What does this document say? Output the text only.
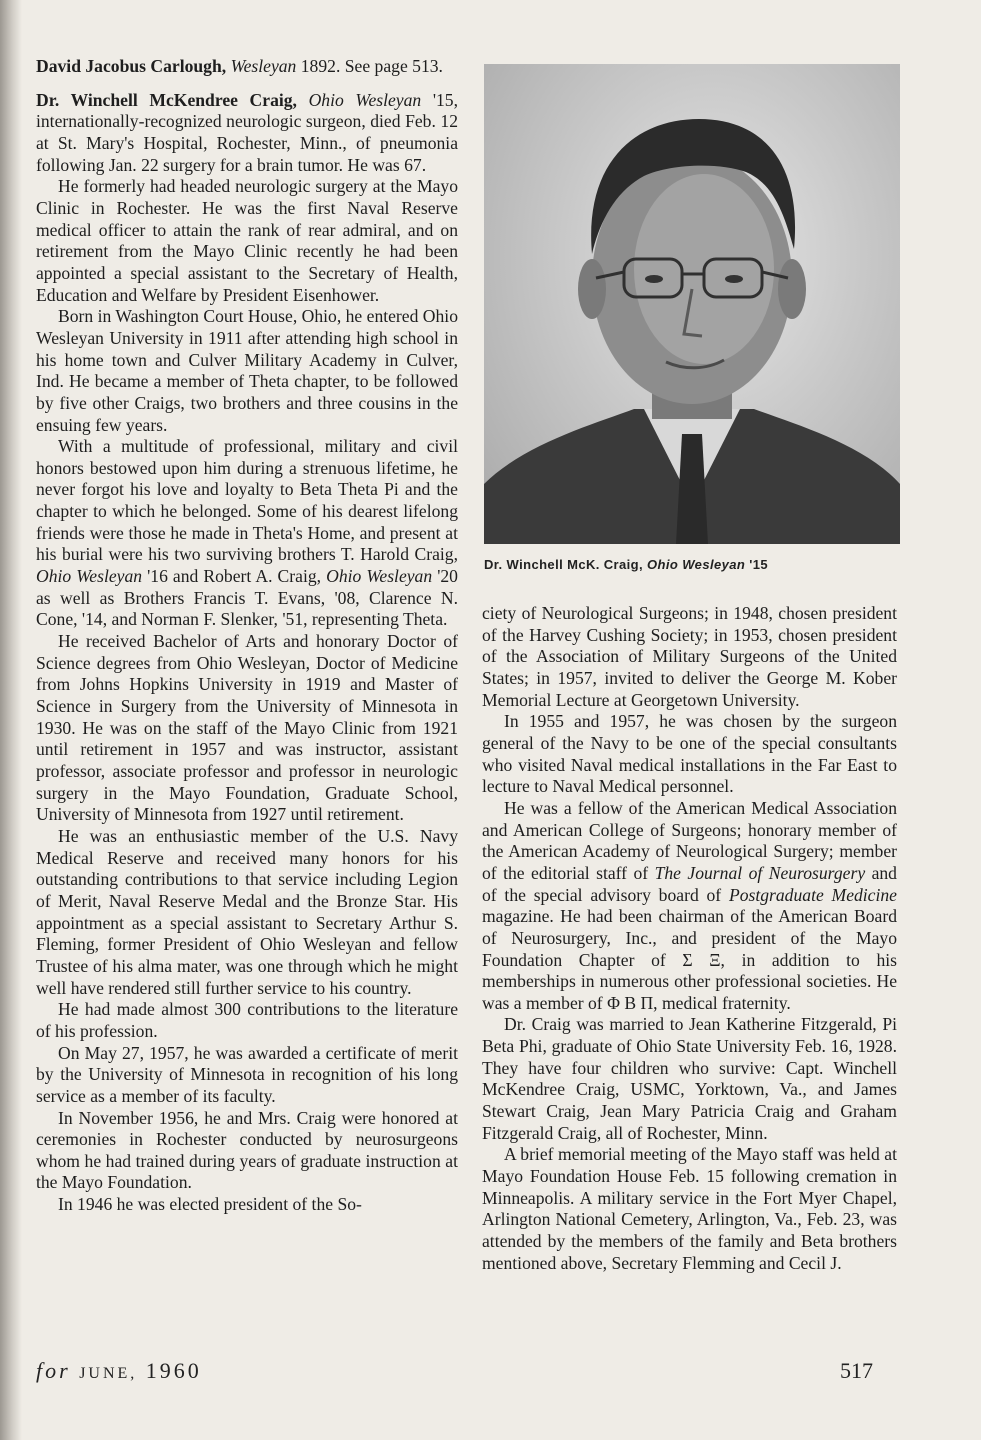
David Jacobus Carlough, Wesleyan 1892. See page 513.

Dr. Winchell McKendree Craig, Ohio Wesleyan '15, internationally-recognized neurologic surgeon, died Feb. 12 at St. Mary's Hospital, Rochester, Minn., of pneumonia following Jan. 22 surgery for a brain tumor. He was 67.

He formerly had headed neurologic surgery at the Mayo Clinic in Rochester. He was the first Naval Reserve medical officer to attain the rank of rear admiral, and on retirement from the Mayo Clinic recently he had been appointed a special assistant to the Secretary of Health, Education and Welfare by President Eisenhower.

Born in Washington Court House, Ohio, he entered Ohio Wesleyan University in 1911 after attending high school in his home town and Culver Military Academy in Culver, Ind. He became a member of Theta chapter, to be followed by five other Craigs, two brothers and three cousins in the ensuing few years.

With a multitude of professional, military and civil honors bestowed upon him during a strenuous lifetime, he never forgot his love and loyalty to Beta Theta Pi and the chapter to which he belonged. Some of his dearest lifelong friends were those he made in Theta's Home, and present at his burial were his two surviving brothers T. Harold Craig, Ohio Wesleyan '16 and Robert A. Craig, Ohio Wesleyan '20 as well as Brothers Francis T. Evans, '08, Clarence N. Cone, '14, and Norman F. Slenker, '51, representing Theta.

He received Bachelor of Arts and honorary Doctor of Science degrees from Ohio Wesleyan, Doctor of Medicine from Johns Hopkins University in 1919 and Master of Science in Surgery from the University of Minnesota in 1930. He was on the staff of the Mayo Clinic from 1921 until retirement in 1957 and was instructor, assistant professor, associate professor and professor in neurologic surgery in the Mayo Foundation, Graduate School, University of Minnesota from 1927 until retirement.

He was an enthusiastic member of the U.S. Navy Medical Reserve and received many honors for his outstanding contributions to that service including Legion of Merit, Naval Reserve Medal and the Bronze Star. His appointment as a special assistant to Secretary Arthur S. Fleming, former President of Ohio Wesleyan and fellow Trustee of his alma mater, was one through which he might well have rendered still further service to his country.

He had made almost 300 contributions to the literature of his profession.

On May 27, 1957, he was awarded a certificate of merit by the University of Minnesota in recognition of his long service as a member of its faculty.

In November 1956, he and Mrs. Craig were honored at ceremonies in Rochester conducted by neurosurgeons whom he had trained during years of graduate instruction at the Mayo Foundation.

In 1946 he was elected president of the So-

Dr. Winchell McK. Craig, Ohio Wesleyan '15

ciety of Neurological Surgeons; in 1948, chosen president of the Harvey Cushing Society; in 1953, chosen president of the Association of Military Surgeons of the United States; in 1957, invited to deliver the George M. Kober Memorial Lecture at Georgetown University.

In 1955 and 1957, he was chosen by the surgeon general of the Navy to be one of the special consultants who visited Naval medical installations in the Far East to lecture to Naval Medical personnel.

He was a fellow of the American Medical Association and American College of Surgeons; honorary member of the American Academy of Neurological Surgery; member of the editorial staff of The Journal of Neurosurgery and of the special advisory board of Postgraduate Medicine magazine. He had been chairman of the American Board of Neurosurgery, Inc., and president of the Mayo Foundation Chapter of Σ Ξ, in addition to his memberships in numerous other professional societies. He was a member of Φ Β Π, medical fraternity.

Dr. Craig was married to Jean Katherine Fitzgerald, Pi Beta Phi, graduate of Ohio State University Feb. 16, 1928. They have four children who survive: Capt. Winchell McKendree Craig, USMC, Yorktown, Va., and James Stewart Craig, Jean Mary Patricia Craig and Graham Fitzgerald Craig, all of Rochester, Minn.

A brief memorial meeting of the Mayo staff was held at Mayo Foundation House Feb. 15 following cremation in Minneapolis. A military service in the Fort Myer Chapel, Arlington National Cemetery, Arlington, Va., Feb. 23, was attended by the members of the family and Beta brothers mentioned above, Secretary Flemming and Cecil J.

for JUNE, 1960	517
